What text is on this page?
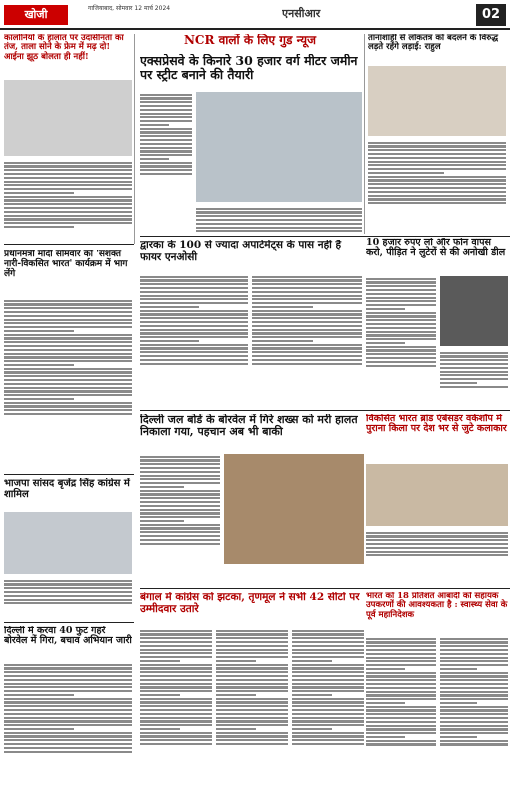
खोजी	गाजियाबाद, सोमवार 12 मार्च 2024	एनसीआर	02
कालोनियों के हालात पर उदासीनता का तंज, ताला सोने के फ्रेम में मढ़ दो! आईना झूठ बोलता ही नहीं!
NCR वालों के लिए गुड न्यूज
एक्सप्रेसवे के किनारे 30 हजार वर्ग मीटर जमीन पर स्ट्रीट बनाने की तैयारी
तानाशाही से लोकतंत्र को बदलने के विरुद्ध लड़ते रहेंगे लड़ाई: राहुल
प्रधानमंत्री मोदी सोमवार को 'सशक्त नारी-विकसित भारत' कार्यक्रम में भाग लेंगे
द्वारका के 100 से ज्यादा अपार्टमेंट्स के पास नहीं है फायर एनओसी
10 हजार रुपए लो और फोन वापस करो, पीड़ित ने लुटेरों से की अनोखी डील
दिल्ली जल बोर्ड के बोरवेल में गिरे शख्स को मरी हालत निकाला गया, पहचान अब भी बाकी
विकसित भारत ब्रांड एंबेसडर वर्कशॉप में पुराना किला पर देश भर से जुटे कलाकार
भाजपा सांसद बृजेंद्र सिंह कांग्रेस में शामिल
बंगाल में कांग्रेस को झटका, तृणमूल ने सभी 42 सीटों पर उम्मीदवार उतारे
भारत को 18 प्रतिशत आबादी को सहायक उपकरणों की आवश्यकता है : स्वास्थ्य सेवा के पूर्व महानिदेशक
दिल्ली में करवा 40 फुट गहरे बोरवेल में गिरा, बचाव अभियान जारी
